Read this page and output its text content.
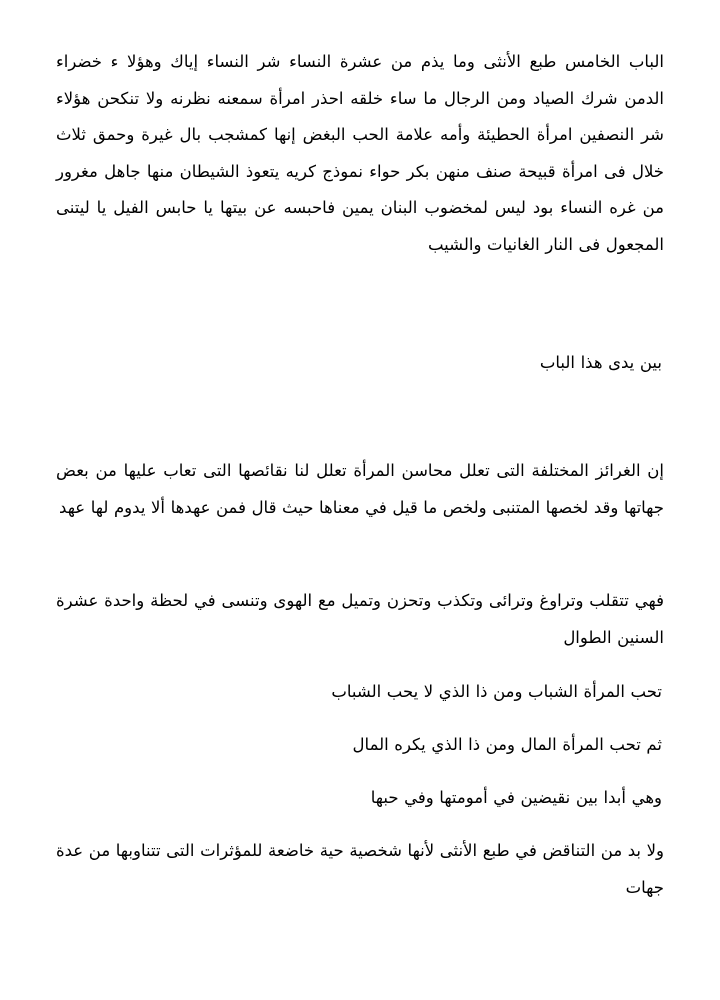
الباب الخامس طبع الأنثى وما يذم من عشرة النساء شر النساء إياك وهؤلا ء خضراء الدمن شرك الصياد ومن الرجال ما ساء خلقه احذر امرأة سمعنه نظرنه ولا تنكحن هؤلاء شر النصفين امرأة الحطيئة وأمه علامة الحب البغض إنها كمشجب بال غيرة وحمق ثلاث خلال فى امرأة قبيحة صنف منهن بكر حواء نموذج كريه يتعوذ الشيطان منها جاهل مغرور من غره النساء بود ليس لمخضوب البنان يمين فاحبسه عن بيتها يا حابس الفيل يا ليتنى المجعول فى النار الغانيات والشيب

بين يدى هذا الباب

إن الغرائز المختلفة التى تعلل محاسن المرأة تعلل لنا نقائصها التى تعاب عليها من بعض جهاتها وقد لخصها المتنبى ولخص ما قيل في معناها حيث قال فمن عهدها ألا يدوم لها عهد

فهي تتقلب وتراوغ وترائى وتكذب وتحزن وتميل مع الهوى وتنسى في لحظة واحدة عشرة السنين الطوال

تحب المرأة الشباب ومن ذا الذي لا يحب الشباب

ثم تحب المرأة المال ومن ذا الذي يكره المال

وهي أبدا بين نقيضين في أمومتها وفي حبها

ولا بد من التناقض في طبع الأنثى لأنها شخصية حية خاضعة للمؤثرات التى تتناوبها من عدة جهات
